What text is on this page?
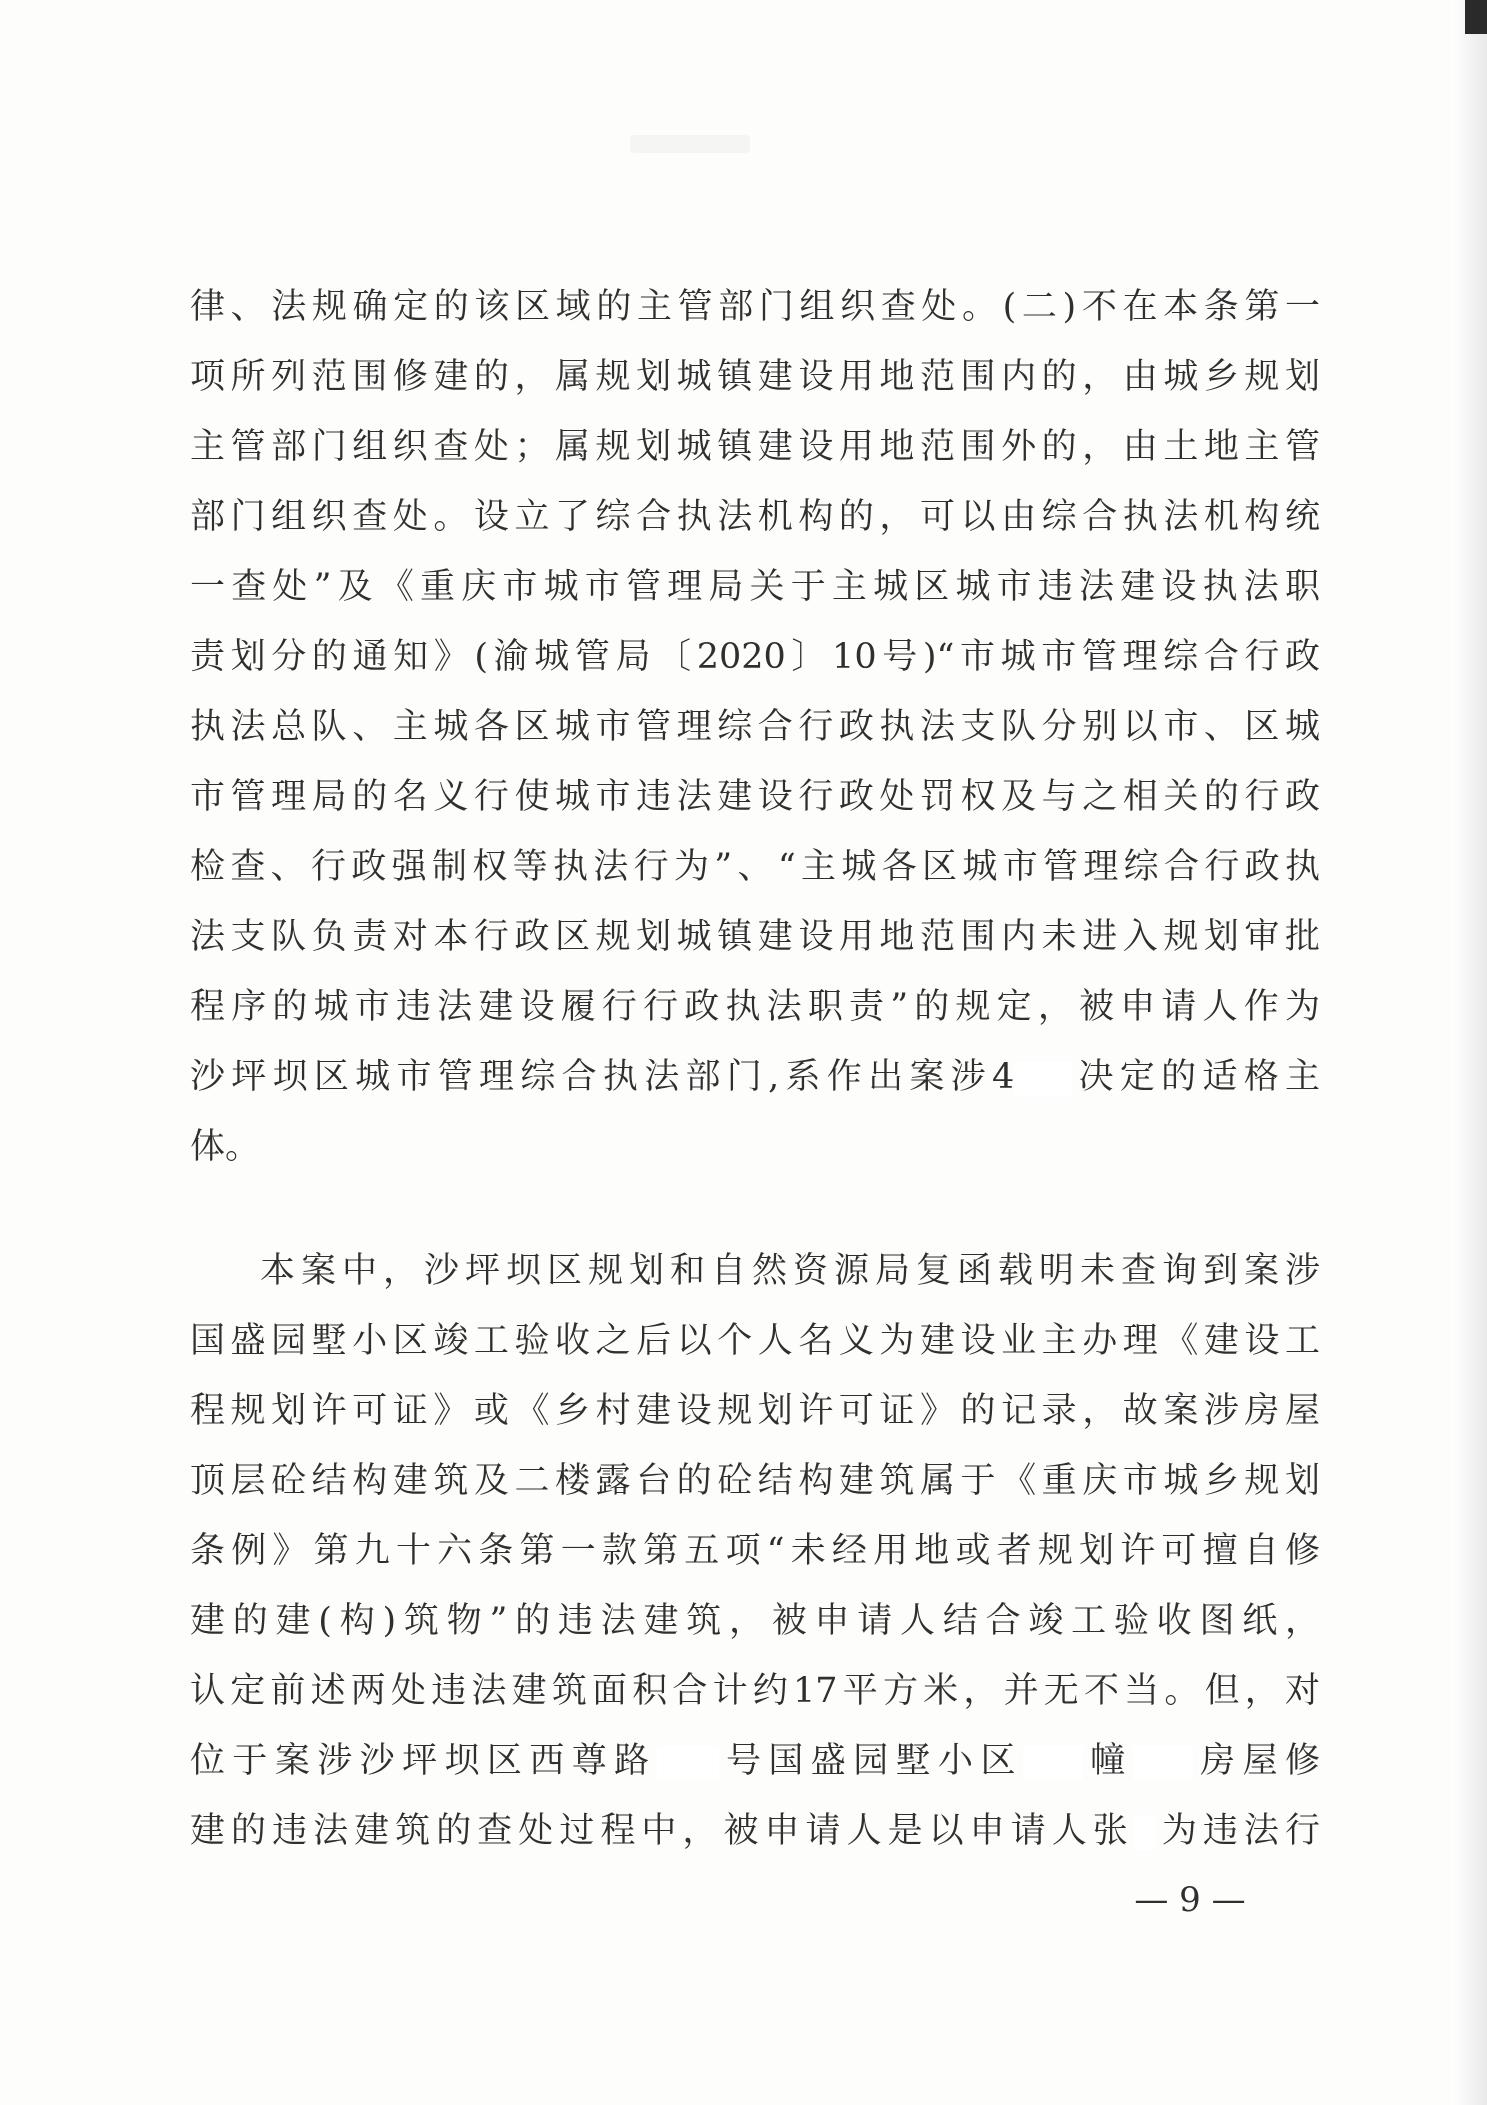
律、法规确定的该区域的主管部门组织查处。(二)不在本条第一
项所列范围修建的，属规划城镇建设用地范围内的，由城乡规划
主管部门组织查处；属规划城镇建设用地范围外的，由土地主管
部门组织查处。设立了综合执法机构的，可以由综合执法机构统
一查处”及《重庆市城市管理局关于主城区城市违法建设执法职
责划分的通知》(渝城管局〔2020〕10号)“市城市管理综合行政
执法总队、主城各区城市管理综合行政执法支队分别以市、区城
市管理局的名义行使城市违法建设行政处罚权及与之相关的行政
检查、行政强制权等执法行为”、“主城各区城市管理综合行政执
法支队负责对本行政区规划城镇建设用地范围内未进入规划审批
程序的城市违法建设履行行政执法职责”的规定，被申请人作为
沙坪坝区城市管理综合执法部门,系作出案涉4 决定的适格主
体。
本案中，沙坪坝区规划和自然资源局复函载明未查询到案涉
国盛园墅小区竣工验收之后以个人名义为建设业主办理《建设工
程规划许可证》或《乡村建设规划许可证》的记录，故案涉房屋
顶层砼结构建筑及二楼露台的砼结构建筑属于《重庆市城乡规划
条例》第九十六条第一款第五项“未经用地或者规划许可擅自修
建的建(构)筑物”的违法建筑，被申请人结合竣工验收图纸，
认定前述两处违法建筑面积合计约17平方米，并无不当。但，对
位于案涉沙坪坝区西尊路 号国盛园墅小区 幢 房屋修
建的违法建筑的查处过程中，被申请人是以申请人张 为违法行
— 9 —
